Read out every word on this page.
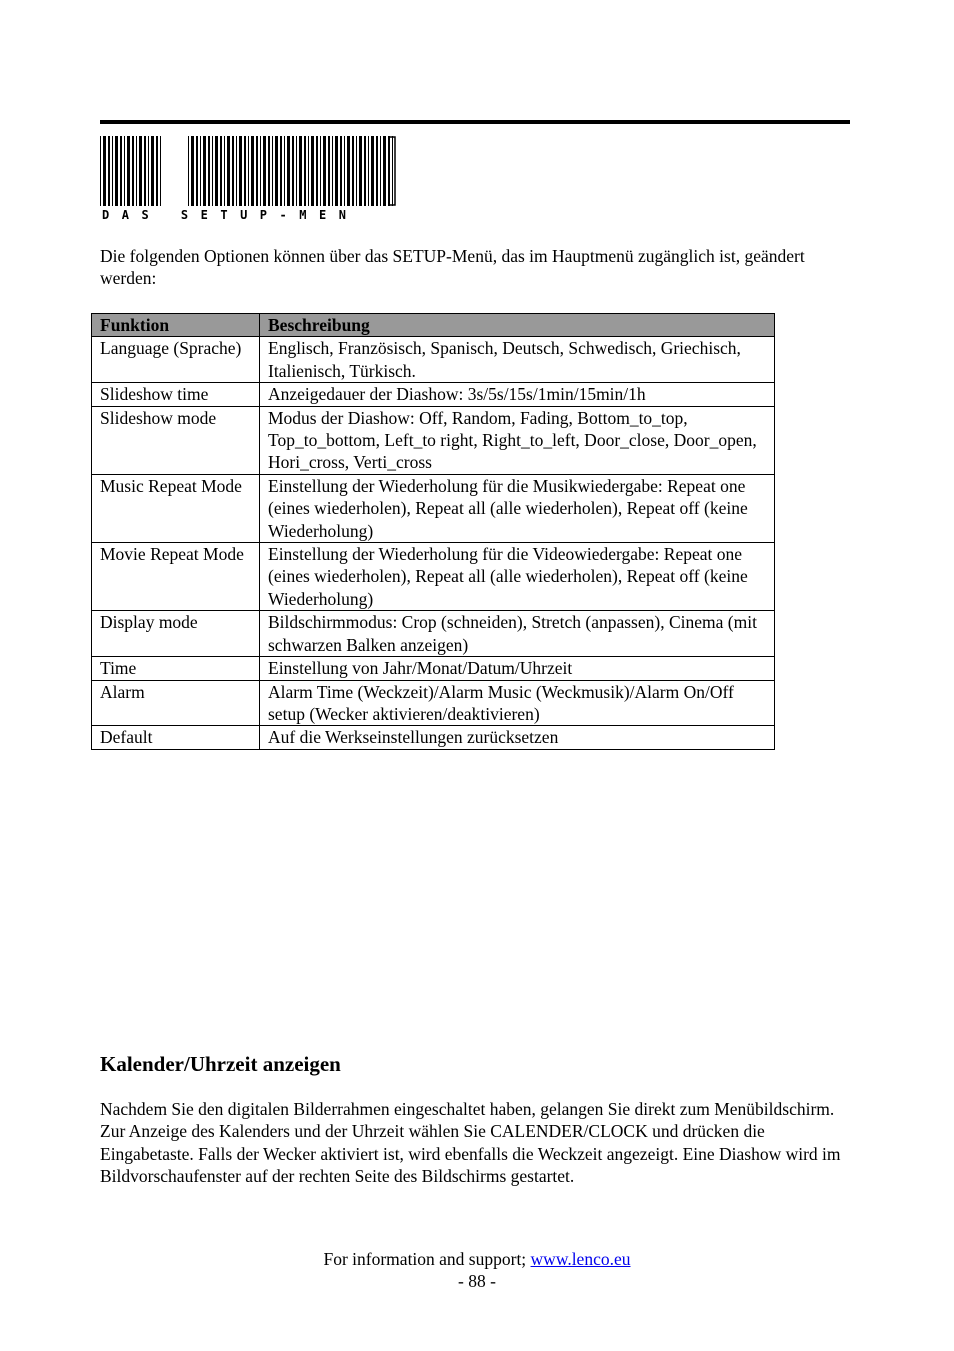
DAS SETUP-MEN

Die folgenden Optionen können über das SETUP-Menü, das im Hauptmenü zugänglich ist, geändert werden:

Funktion	Beschreibung
Language (Sprache)	Englisch, Französisch, Spanisch, Deutsch, Schwedisch, Griechisch, Italienisch, Türkisch.
Slideshow time	Anzeigedauer der Diashow: 3s/5s/15s/1min/15min/1h
Slideshow mode	Modus der Diashow: Off, Random, Fading, Bottom_to_top, Top_to_bottom, Left_to right, Right_to_left, Door_close, Door_open, Hori_cross, Verti_cross
Music Repeat Mode	Einstellung der Wiederholung für die Musikwiedergabe: Repeat one (eines wiederholen), Repeat all (alle wiederholen), Repeat off (keine Wiederholung)
Movie Repeat Mode	Einstellung der Wiederholung für die Videowiedergabe: Repeat one (eines wiederholen), Repeat all (alle wiederholen), Repeat off (keine Wiederholung)
Display mode	Bildschirmmodus: Crop (schneiden), Stretch (anpassen), Cinema (mit schwarzen Balken anzeigen)
Time	Einstellung von Jahr/Monat/Datum/Uhrzeit
Alarm	Alarm Time (Weckzeit)/Alarm Music (Weckmusik)/Alarm On/Off setup (Wecker aktivieren/deaktivieren)
Default	Auf die Werkseinstellungen zurücksetzen
Kalender/Uhrzeit anzeigen

Nachdem Sie den digitalen Bilderrahmen eingeschaltet haben, gelangen Sie direkt zum Menübildschirm. Zur Anzeige des Kalenders und der Uhrzeit wählen Sie CALENDER/CLOCK und drücken die Eingabetaste. Falls der Wecker aktiviert ist, wird ebenfalls die Weckzeit angezeigt. Eine Diashow wird im Bildvorschaufenster auf der rechten Seite des Bildschirms gestartet.

For information and support; www.lenco.eu
- 88 -
